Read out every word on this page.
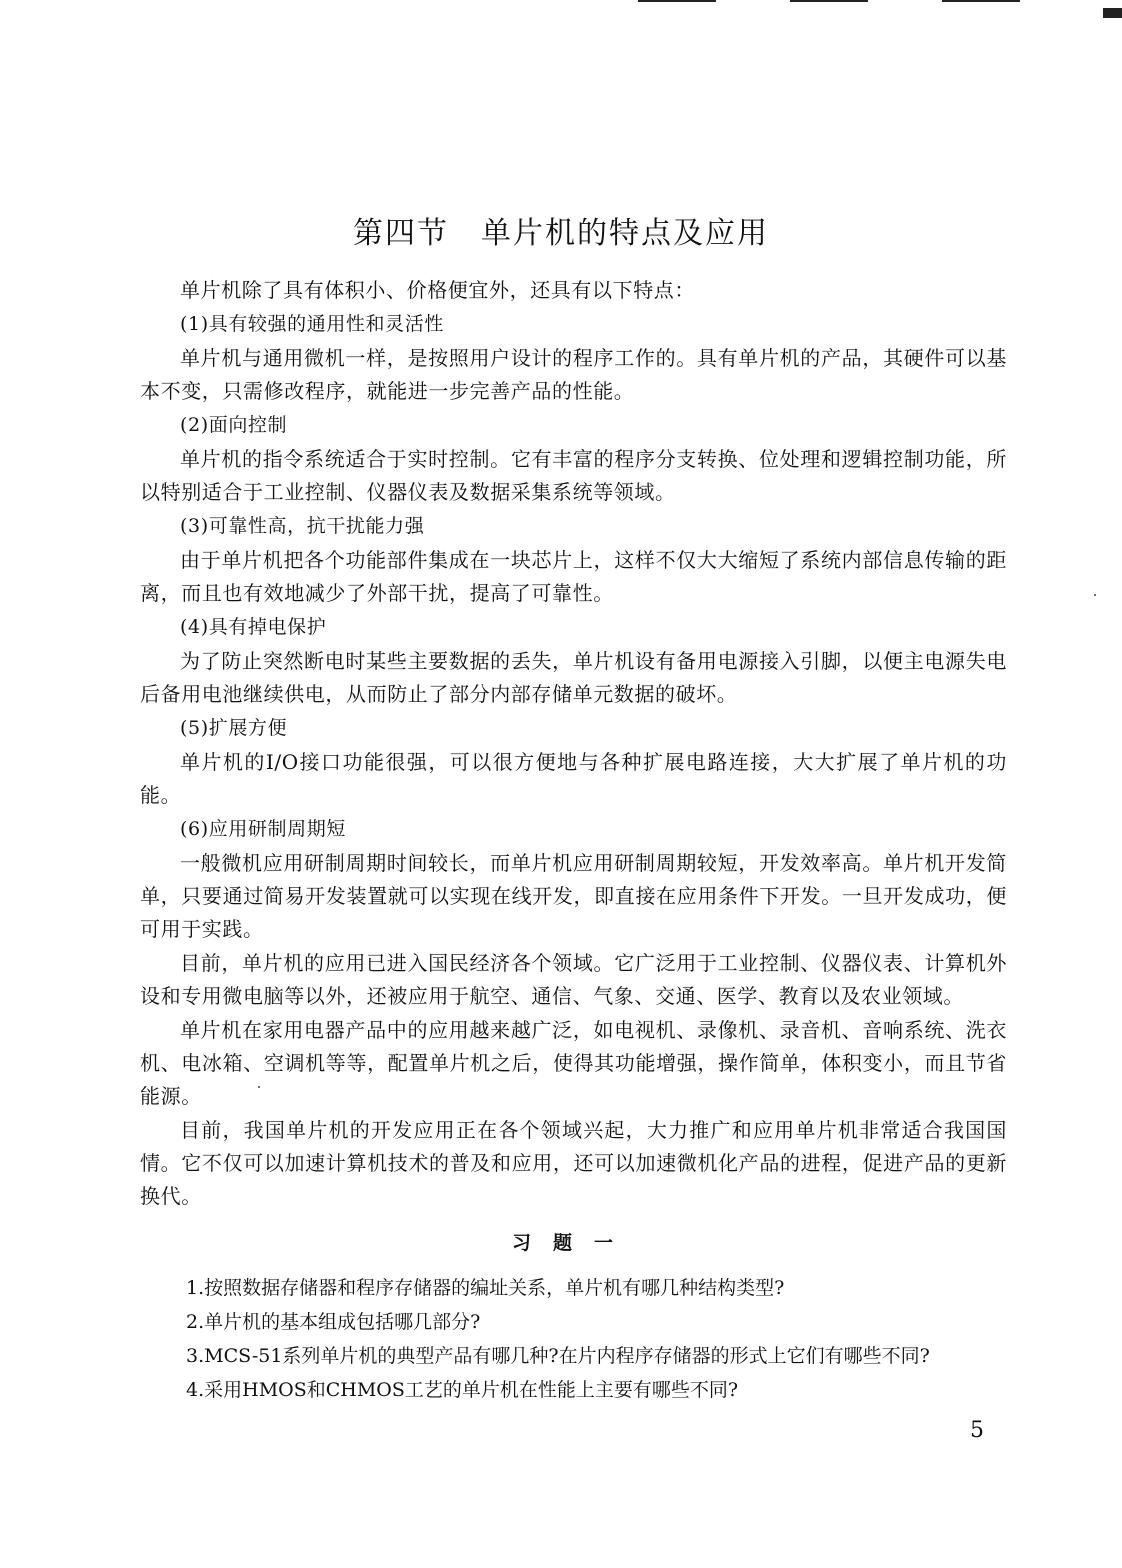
第四节　单片机的特点及应用

单片机除了具有体积小、价格便宜外，还具有以下特点：

(1)具有较强的通用性和灵活性

单片机与通用微机一样，是按照用户设计的程序工作的。具有单片机的产品，其硬件可以基本不变，只需修改程序，就能进一步完善产品的性能。

(2)面向控制

单片机的指令系统适合于实时控制。它有丰富的程序分支转换、位处理和逻辑控制功能，所以特别适合于工业控制、仪器仪表及数据采集系统等领域。

(3)可靠性高，抗干扰能力强

由于单片机把各个功能部件集成在一块芯片上，这样不仅大大缩短了系统内部信息传输的距离，而且也有效地减少了外部干扰，提高了可靠性。

(4)具有掉电保护

为了防止突然断电时某些主要数据的丢失，单片机设有备用电源接入引脚，以便主电源失电后备用电池继续供电，从而防止了部分内部存储单元数据的破坏。

(5)扩展方便

单片机的I/O接口功能很强，可以很方便地与各种扩展电路连接，大大扩展了单片机的功能。

(6)应用研制周期短

一般微机应用研制周期时间较长，而单片机应用研制周期较短，开发效率高。单片机开发简单，只要通过简易开发装置就可以实现在线开发，即直接在应用条件下开发。一旦开发成功，便可用于实践。

目前，单片机的应用已进入国民经济各个领域。它广泛用于工业控制、仪器仪表、计算机外设和专用微电脑等以外，还被应用于航空、通信、气象、交通、医学、教育以及农业领域。

单片机在家用电器产品中的应用越来越广泛，如电视机、录像机、录音机、音响系统、洗衣机、电冰箱、空调机等等，配置单片机之后，使得其功能增强，操作简单，体积变小，而且节省能源。

目前，我国单片机的开发应用正在各个领域兴起，大力推广和应用单片机非常适合我国国情。它不仅可以加速计算机技术的普及和应用，还可以加速微机化产品的进程，促进产品的更新换代。

习题一

1.按照数据存储器和程序存储器的编址关系，单片机有哪几种结构类型?

2.单片机的基本组成包括哪几部分?

3.MCS-51系列单片机的典型产品有哪几种?在片内程序存储器的形式上它们有哪些不同?

4.采用HMOS和CHMOS工艺的单片机在性能上主要有哪些不同?

5
